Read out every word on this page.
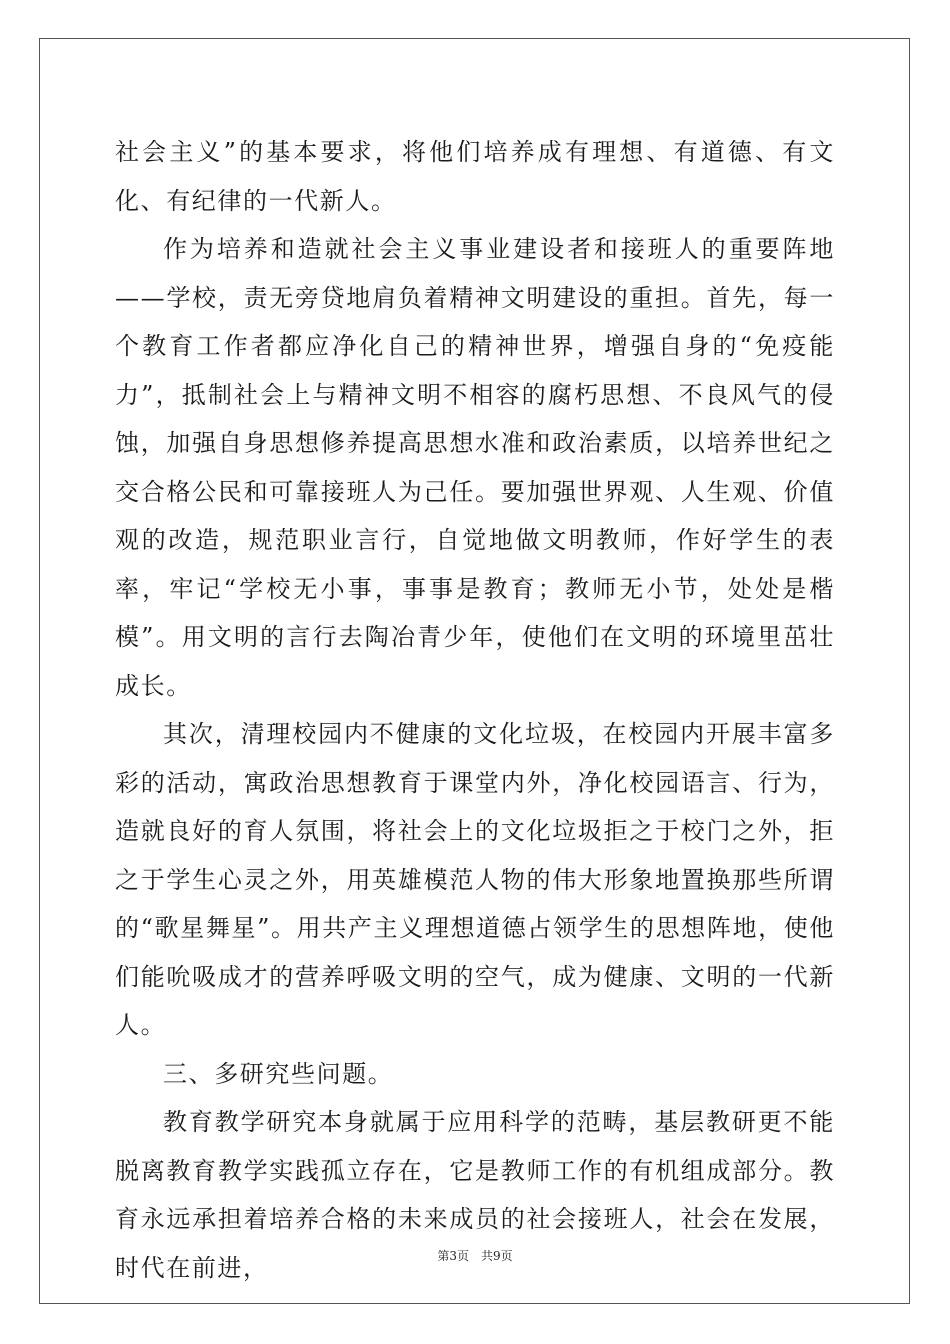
社会主义”的基本要求，将他们培养成有理想、有道德、有文化、有纪律的一代新人。

作为培养和造就社会主义事业建设者和接班人的重要阵地——学校，责无旁贷地肩负着精神文明建设的重担。首先，每一个教育工作者都应净化自己的精神世界，增强自身的“免疫能力”，抵制社会上与精神文明不相容的腐朽思想、不良风气的侵蚀，加强自身思想修养提高思想水准和政治素质，以培养世纪之交合格公民和可靠接班人为己任。要加强世界观、人生观、价值观的改造，规范职业言行，自觉地做文明教师，作好学生的表率，牢记“学校无小事，事事是教育；教师无小节，处处是楷模”。用文明的言行去陶冶青少年，使他们在文明的环境里茁壮成长。

其次，清理校园内不健康的文化垃圾，在校园内开展丰富多彩的活动，寓政治思想教育于课堂内外，净化校园语言、行为，造就良好的育人氛围，将社会上的文化垃圾拒之于校门之外，拒之于学生心灵之外，用英雄模范人物的伟大形象地置换那些所谓的“歌星舞星”。用共产主义理想道德占领学生的思想阵地，使他们能吮吸成才的营养呼吸文明的空气，成为健康、文明的一代新人。

三、多研究些问题。

教育教学研究本身就属于应用科学的范畴，基层教研更不能脱离教育教学实践孤立存在，它是教师工作的有机组成部分。教育永远承担着培养合格的未来成员的社会接班人，社会在发展，时代在前进，	第3页　共9页
